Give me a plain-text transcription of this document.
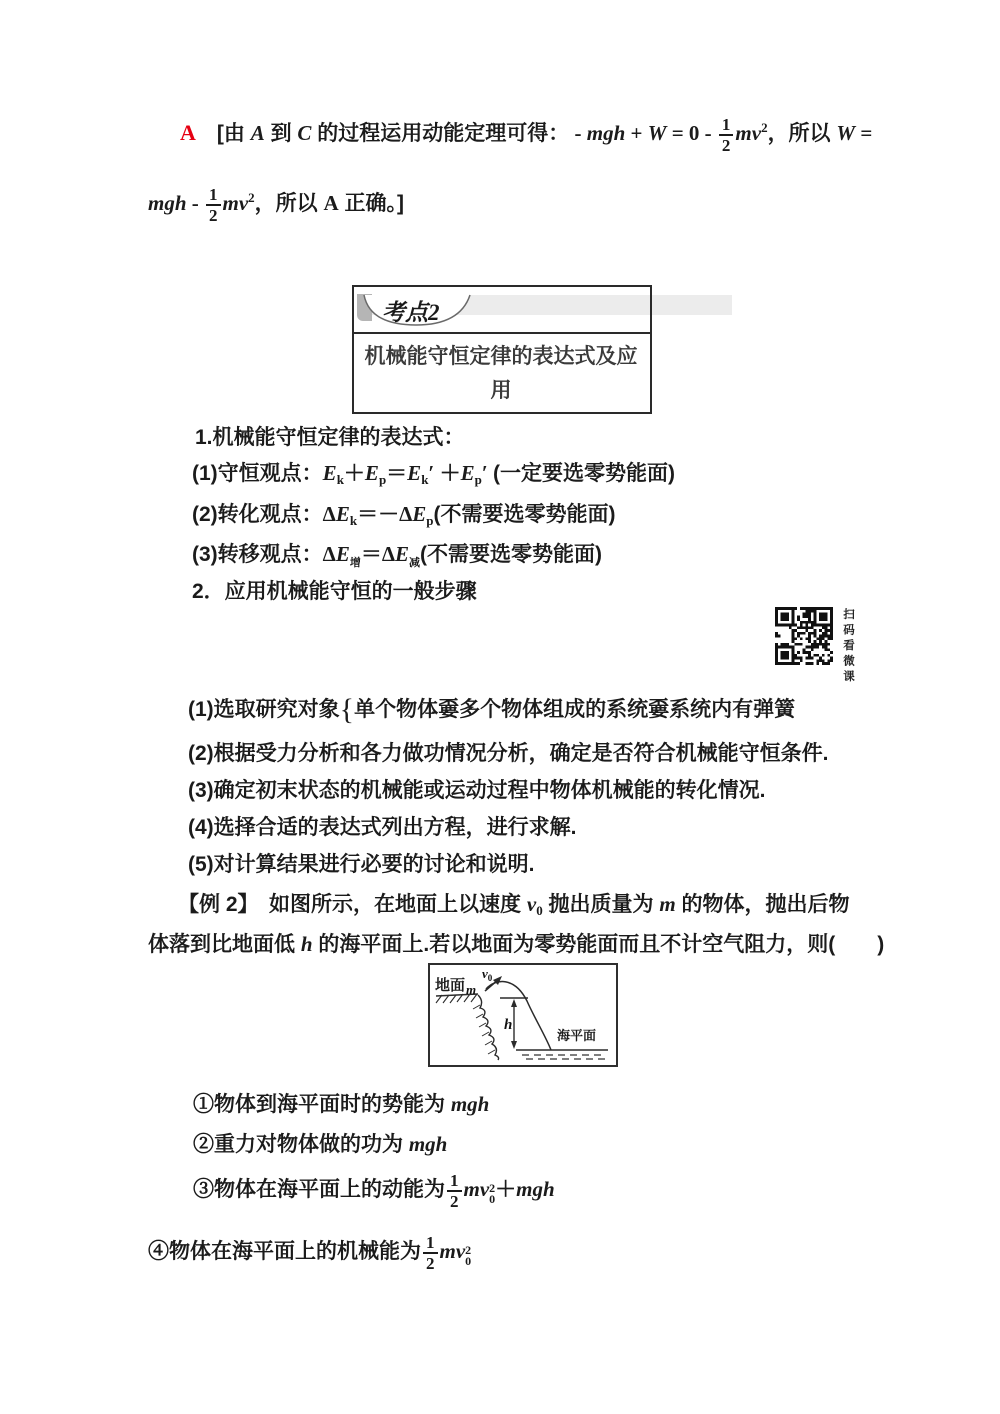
A　[由 A 到 C 的过程运用动能定理可得： - mgh + $W = 0 - \frac{1}{2} mv^2$，所以 W =
mgh - $\frac{1}{2} mv^2$，所以 A 正确。]
考点2
机械能守恒定律的表达式及应用
1.机械能守恒定律的表达式：
(1)守恒观点：Ek＋Ep＝Ek′ ＋Ep′ (一定要选零势能面)
(2)转化观点：ΔEk＝－ΔEp(不需要选零势能面)
(3)转移观点：$\Delta E_增=\Delta E_减$(不需要选零势能面)
2．应用机械能守恒的一般步骤
扫码看微课
(1)选取研究对象{单个物体嫑多个物体组成的系统嫑系统内有弹簧
(2)根据受力分析和各力做功情况分析，确定是否符合机械能守恒条件.
(3)确定初末状态的机械能或运动过程中物体机械能的转化情况.
(4)选择合适的表达式列出方程，进行求解.
(5)对计算结果进行必要的讨论和说明.
【例 2】　如图所示，在地面上以速度 v0 抛出质量为 m 的物体，抛出后物
体落到比地面低 h 的海平面上.若以地面为零势能面而且不计空气阻力，则(　　)
地面 m
$v_0$
h
海平面
①物体到海平面时的势能为 mgh
②重力对物体做的功为 mgh
③物体在海平面上的动能为 $\frac{1}{2}$ mv 2
0 ＋mgh
④物体在海平面上的机械能为 $\frac{1}{2}$ mv 2
0
